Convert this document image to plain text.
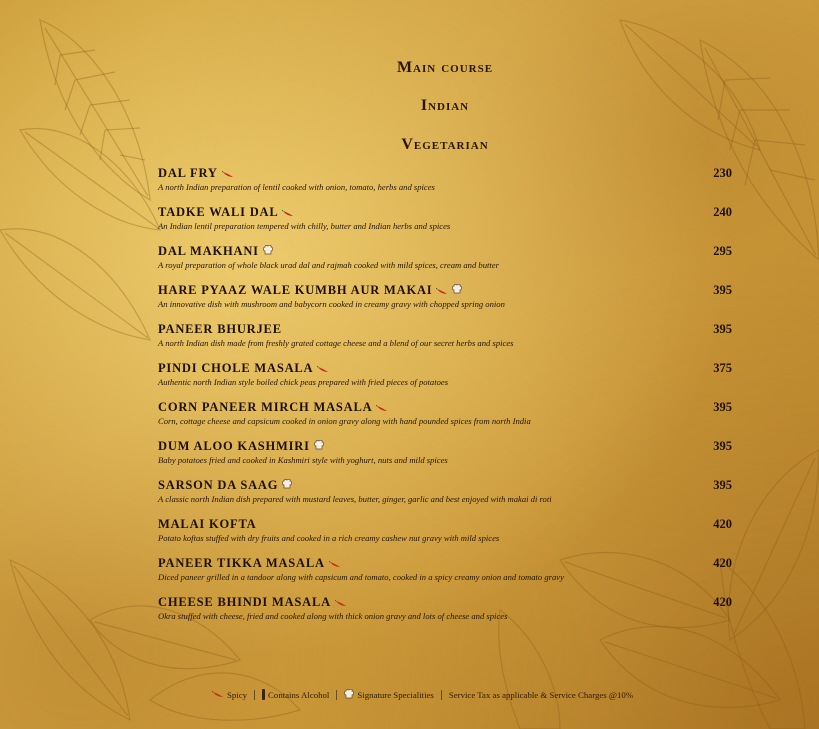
Main course
Indian
Vegetarian
DAL FRY
A north Indian preparation of lentil cooked with onion, tomato, herbs and spices
230
TADKE WALI DAL
An Indian lentil preparation tempered with chilly, butter and Indian herbs and spices
240
DAL MAKHANI
A royal preparation of whole black urad dal and rajmah cooked with mild spices, cream and butter
295
HARE PYAAZ WALE KUMBH AUR MAKAI
An innovative dish with mushroom and babycorn cooked in creamy gravy with chopped spring onion
395
PANEER BHURJEE
A north Indian dish made from freshly grated cottage cheese and a blend of our secret herbs and spices
395
PINDI CHOLE MASALA
Authentic north Indian style boiled chick peas prepared with fried pieces of potatoes
375
CORN PANEER MIRCH MASALA
Corn, cottage cheese and capsicum cooked in onion gravy along with hand pounded spices from north India
395
DUM ALOO KASHMIRI
Baby potatoes fried and cooked in Kashmiri style with yoghurt, nuts and mild spices
395
SARSON DA SAAG
A classic north Indian dish prepared with mustard leaves, butter, ginger, garlic and best enjoyed with makai di roti
395
MALAI KOFTA
Potato koftas stuffed with dry fruits and cooked in a rich creamy cashew nut gravy with mild spices
420
PANEER TIKKA MASALA
Diced paneer grilled in a tandoor along with capsicum and tomato, cooked in a spicy creamy onion and tomato gravy
420
CHEESE BHINDI MASALA
Okra stuffed with cheese, fried and cooked along with thick onion gravy and lots of cheese and spices
420
Spicy Contains Alcohol	Signature Specialities Service Tax as applicable & Service Charges @10%
